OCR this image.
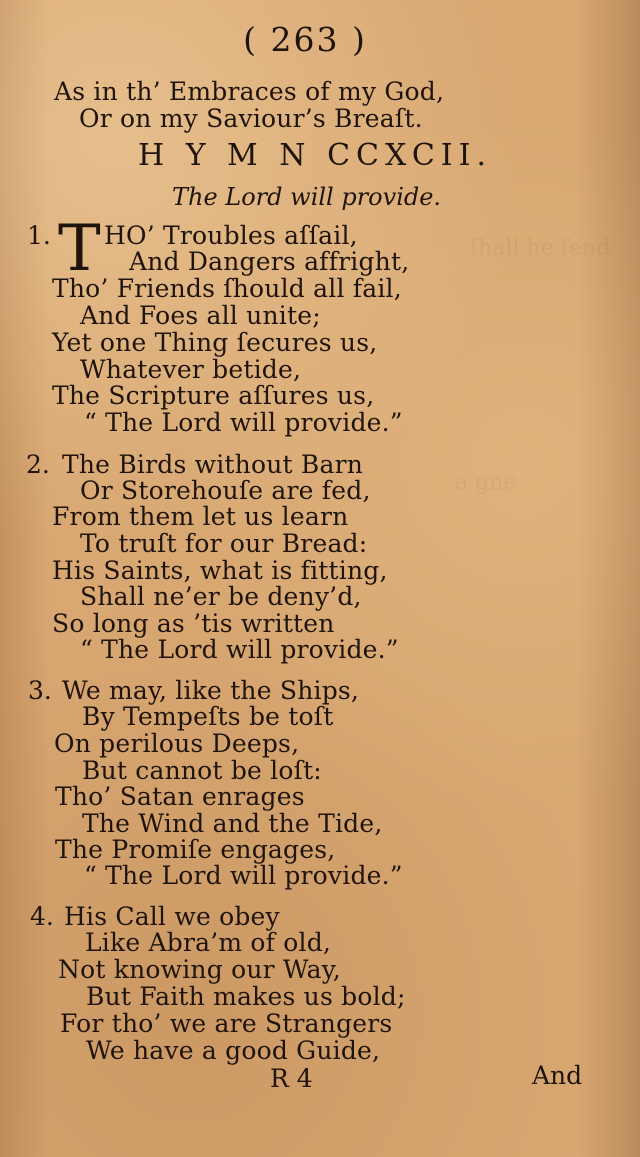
ſhall he ſend
a gne
( 263 )
As in th’ Embraces of my God,
Or on my Saviour’s Breaſt.
H Y M N CCXCII.
The Lord will provide.
1. T HO’ Troubles aſſail,
And Dangers affright,
Tho’ Friends ſhould all fail,
And Foes all unite;
Yet one Thing ſecures us,
Whatever betide,
The Scripture aſſures us,
“ The Lord will provide.”
2. The Birds without Barn
Or Storehouſe are fed,
From them let us learn
To truſt for our Bread:
His Saints, what is fitting,
Shall ne’er be deny’d,
So long as ’tis written
“ The Lord will provide.”
3. We may, like the Ships,
By Tempeſts be toſt
On perilous Deeps,
But cannot be loſt:
Tho’ Satan enrages
The Wind and the Tide,
The Promiſe engages,
“ The Lord will provide.”
4. His Call we obey
Like Abra’m of old,
Not knowing our Way,
But Faith makes us bold;
For tho’ we are Strangers
We have a good Guide,
R 4	And
